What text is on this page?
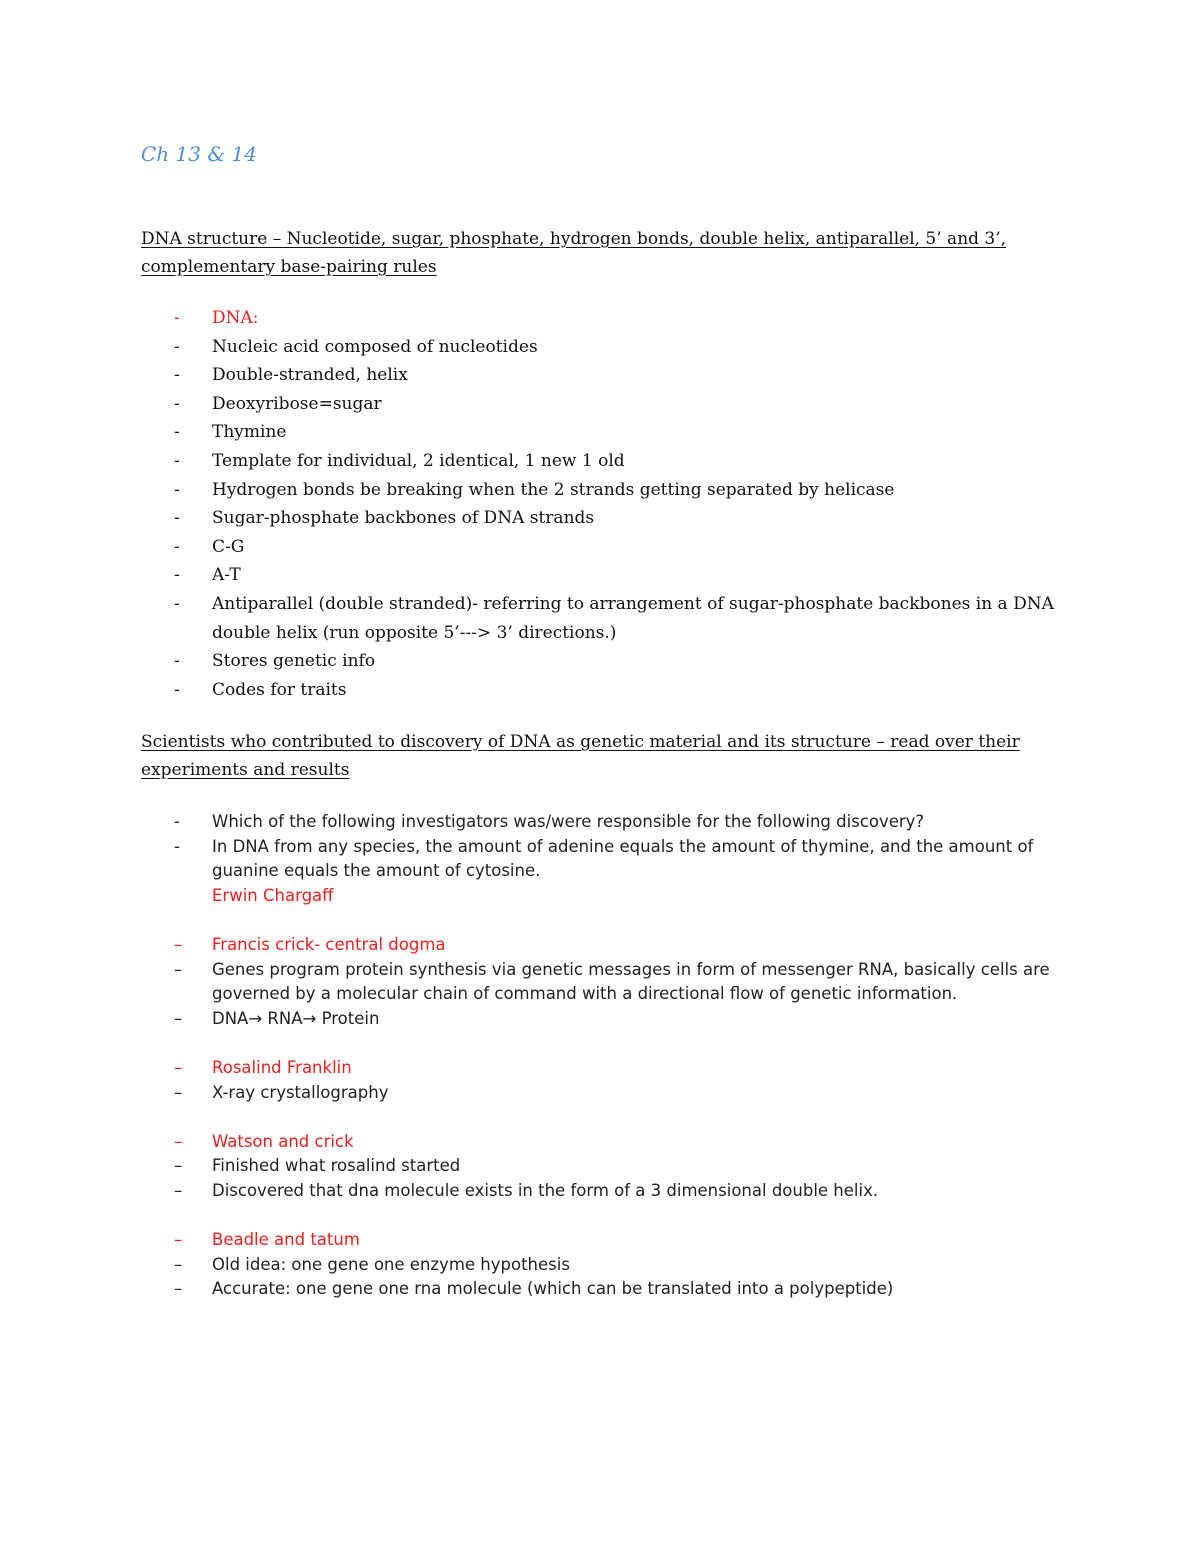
Ch 13 & 14
DNA structure – Nucleotide, sugar, phosphate, hydrogen bonds, double helix, antiparallel, 5’ and 3’, complementary base-pairing rules
- DNA:
- Nucleic acid composed of nucleotides
- Double-stranded, helix
- Deoxyribose=sugar
- Thymine
- Template for individual, 2 identical, 1 new 1 old
- Hydrogen bonds be breaking when the 2 strands getting separated by helicase
- Sugar-phosphate backbones of DNA strands
- C-G
- A-T
- Antiparallel (double stranded)- referring to arrangement of sugar-phosphate backbones in a DNA double helix (run opposite 5’---> 3’ directions.)
- Stores genetic info
- Codes for traits
Scientists who contributed to discovery of DNA as genetic material and its structure – read over their experiments and results
- Which of the following investigators was/were responsible for the following discovery?
- In DNA from any species, the amount of adenine equals the amount of thymine, and the amount of guanine equals the amount of cytosine.
Erwin Chargaff
– Francis crick- central dogma
– Genes program protein synthesis via genetic messages in form of messenger RNA, basically cells are governed by a molecular chain of command with a directional flow of genetic information.
– DNA→ RNA→ Protein
– Rosalind Franklin
– X-ray crystallography
– Watson and crick
– Finished what rosalind started
– Discovered that dna molecule exists in the form of a 3 dimensional double helix.
– Beadle and tatum
– Old idea: one gene one enzyme hypothesis
– Accurate: one gene one rna molecule (which can be translated into a polypeptide)
